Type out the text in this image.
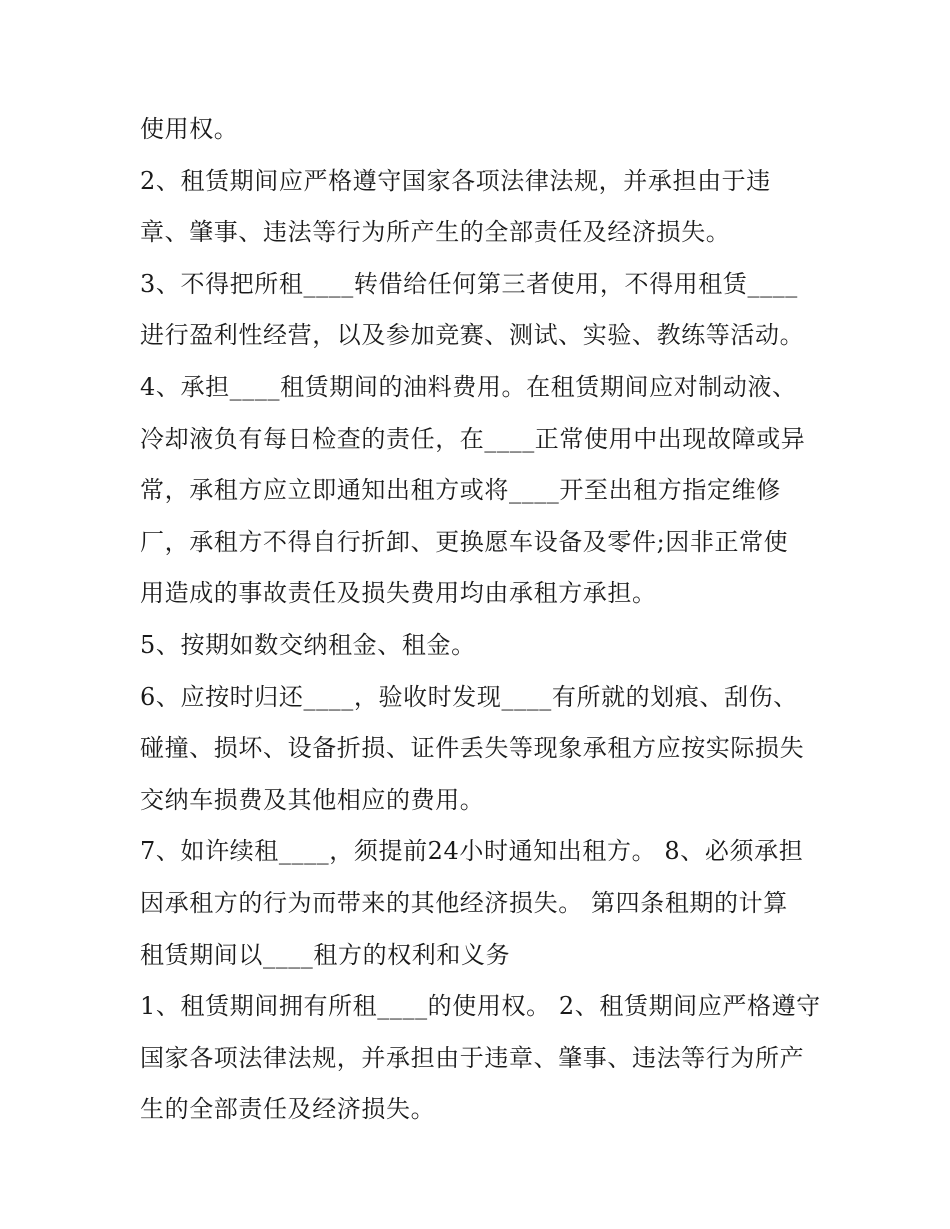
使用权。
2、租赁期间应严格遵守国家各项法律法规，并承担由于违
章、肇事、违法等行为所产生的全部责任及经济损失。
3、不得把所租____转借给任何第三者使用，不得用租赁____
进行盈利性经营，以及参加竞赛、测试、实验、教练等活动。
4、承担____租赁期间的油料费用。在租赁期间应对制动液、
冷却液负有每日检查的责任，在____正常使用中出现故障或异
常，承租方应立即通知出租方或将____开至出租方指定维修
厂，承租方不得自行折卸、更换愿车设备及零件;因非正常使
用造成的事故责任及损失费用均由承租方承担。
5、按期如数交纳租金、租金。
6、应按时归还____，验收时发现____有所就的划痕、刮伤、
碰撞、损坏、设备折损、证件丢失等现象承租方应按实际损失
交纳车损费及其他相应的费用。
7、如许续租____，须提前24小时通知出租方。 8、必须承担
因承租方的行为而带来的其他经济损失。 第四条租期的计算
租赁期间以____租方的权利和义务
1、租赁期间拥有所租____的使用权。 2、租赁期间应严格遵守
国家各项法律法规，并承担由于违章、肇事、违法等行为所产
生的全部责任及经济损失。
